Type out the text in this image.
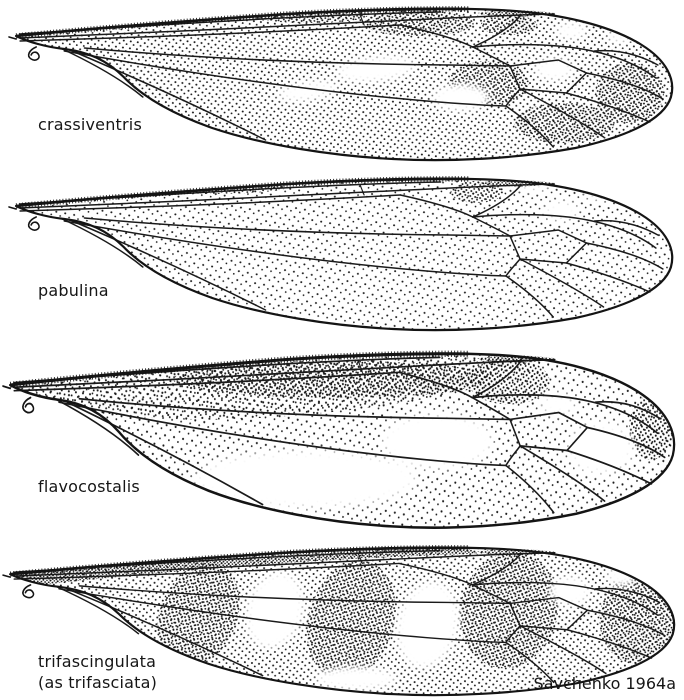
crassiventris
pabulina
flavocostalis
trifascingulata
(as trifasciata)	Savchenko 1964a
